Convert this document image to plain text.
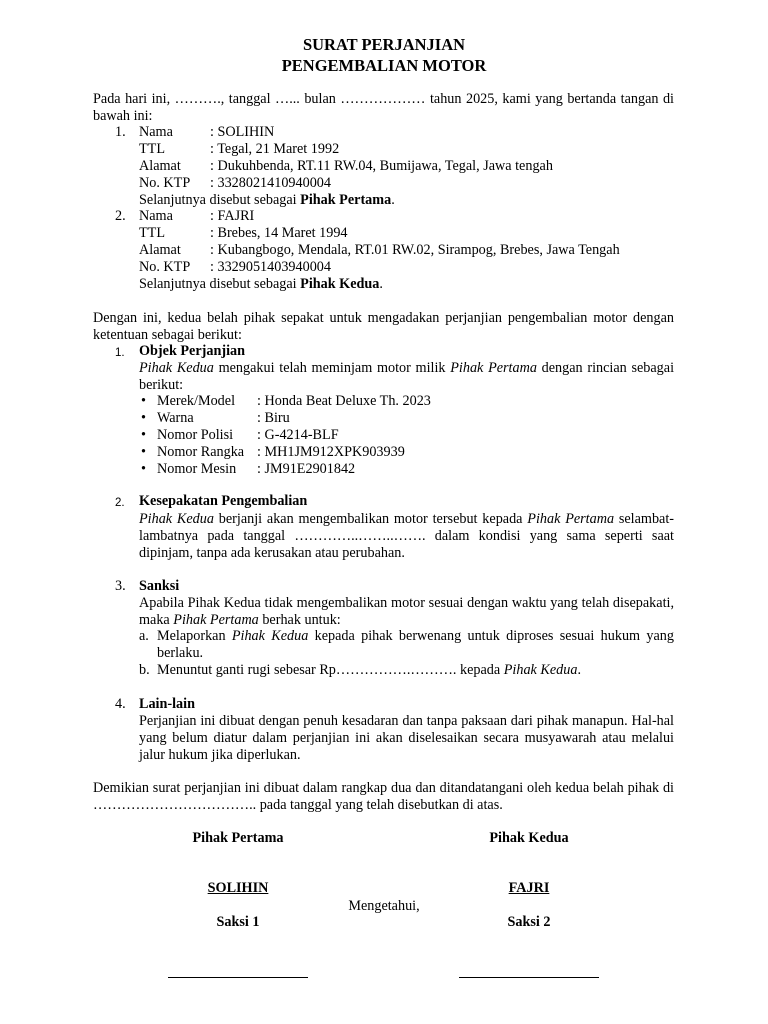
SURAT PERJANJIAN
PENGEMBALIAN MOTOR
Pada hari ini, ………., tanggal …... bulan ……………… tahun 2025, kami yang bertanda tangan di bawah ini:
1. Nama	: SOLIHIN
TTL	: Tegal, 21 Maret 1992
Alamat : Dukuhbenda, RT.11 RW.04, Bumijawa, Tegal, Jawa tengah
No. KTP : 3328021410940004
Selanjutnya disebut sebagai Pihak Pertama.
2. Nama	: FAJRI
TTL	: Brebes, 14 Maret 1994
Alamat : Kubangbogo, Mendala, RT.01 RW.02, Sirampog, Brebes, Jawa Tengah
No. KTP : 3329051403940004
Selanjutnya disebut sebagai Pihak Kedua.
Dengan ini, kedua belah pihak sepakat untuk mengadakan perjanjian pengembalian motor dengan ketentuan sebagai berikut:
1. Objek Perjanjian
Pihak Kedua mengakui telah meminjam motor milik Pihak Pertama dengan rincian sebagai berikut:
• Merek/Model : Honda Beat Deluxe Th. 2023
• Warna	: Biru
• Nomor Polisi : G-4214-BLF
• Nomor Rangka : MH1JM912XPK903939
• Nomor Mesin : JM91E2901842
2. Kesepakatan Pengembalian
Pihak Kedua berjanji akan mengembalikan motor tersebut kepada Pihak Pertama selambat-lambatnya pada tanggal …………..……..……. dalam kondisi yang sama seperti saat dipinjam, tanpa ada kerusakan atau perubahan.
3. Sanksi
Apabila Pihak Kedua tidak mengembalikan motor sesuai dengan waktu yang telah disepakati, maka Pihak Pertama berhak untuk:
a. Melaporkan Pihak Kedua kepada pihak berwenang untuk diproses sesuai hukum yang berlaku.
b. Menuntut ganti rugi sebesar Rp…………….………. kepada Pihak Kedua.
4. Lain-lain
Perjanjian ini dibuat dengan penuh kesadaran dan tanpa paksaan dari pihak manapun. Hal-hal yang belum diatur dalam perjanjian ini akan diselesaikan secara musyawarah atau melalui jalur hukum jika diperlukan.
Demikian surat perjanjian ini dibuat dalam rangkap dua dan ditandatangani oleh kedua belah pihak di …………………………….. pada tanggal yang telah disebutkan di atas.
Pihak Pertama	Pihak Kedua
SOLIHIN	FAJRI
Mengetahui,
Saksi 1	Saksi 2
